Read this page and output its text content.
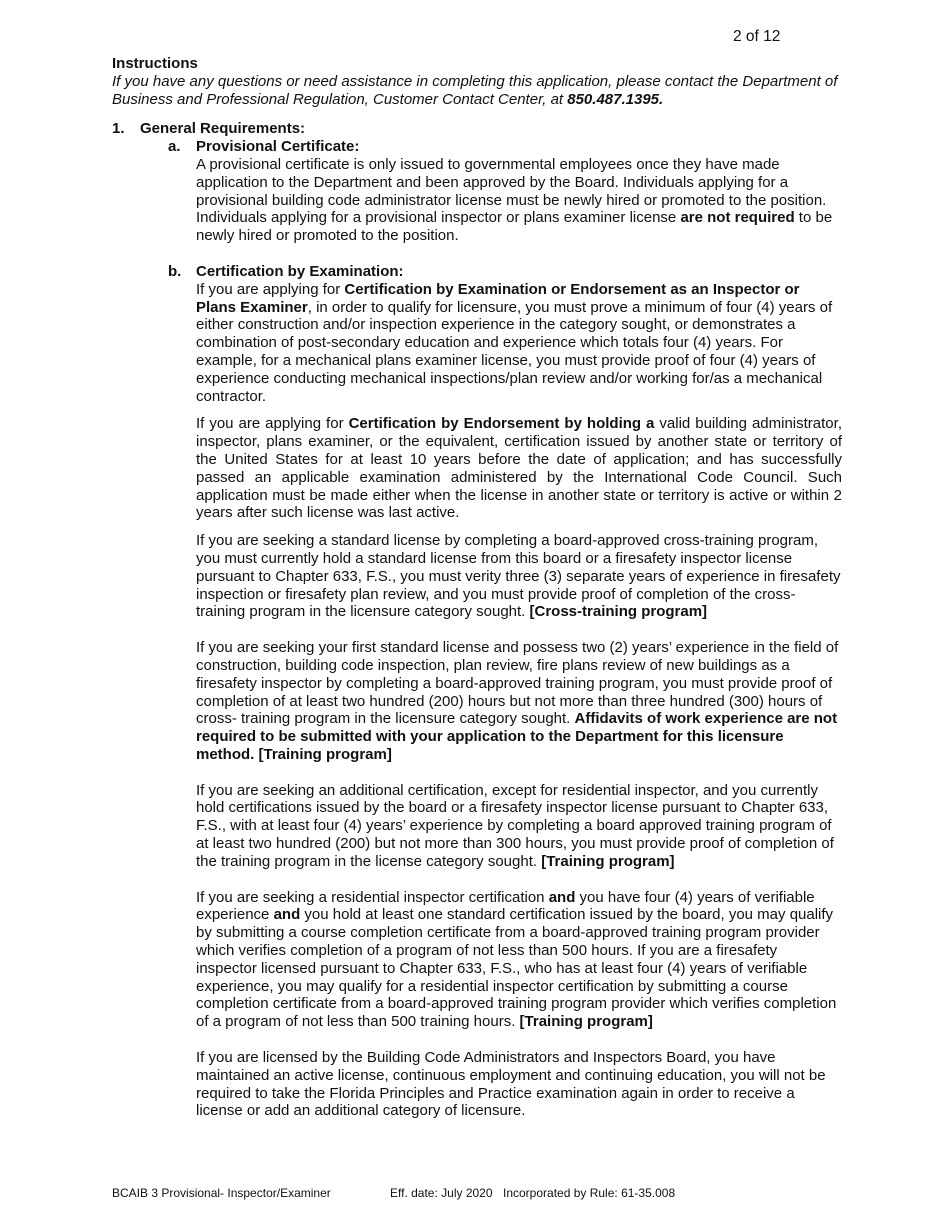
2 of 12
Instructions
If you have any questions or need assistance in completing this application, please contact the Department of Business and Professional Regulation, Customer Contact Center, at 850.487.1395.
1.	General Requirements:
a.	Provisional Certificate:
A provisional certificate is only issued to governmental employees once they have made application to the Department and been approved by the Board. Individuals applying for a provisional building code administrator license must be newly hired or promoted to the position. Individuals applying for a provisional inspector or plans examiner license are not required to be newly hired or promoted to the position.
b. Certification by Examination:
If you are applying for Certification by Examination or Endorsement as an Inspector or Plans Examiner, in order to qualify for licensure, you must prove a minimum of four (4) years of either construction and/or inspection experience in the category sought, or demonstrates a combination of post-secondary education and experience which totals four (4) years. For example, for a mechanical plans examiner license, you must provide proof of four (4) years of experience conducting mechanical inspections/plan review and/or working for/as a mechanical contractor.
If you are applying for Certification by Endorsement by holding a valid building administrator, inspector, plans examiner, or the equivalent, certification issued by another state or territory of the United States for at least 10 years before the date of application; and has successfully passed an applicable examination administered by the International Code Council. Such application must be made either when the license in another state or territory is active or within 2 years after such license was last active.
If you are seeking a standard license by completing a board-approved cross-training program, you must currently hold a standard license from this board or a firesafety inspector license pursuant to Chapter 633, F.S., you must verity three (3) separate years of experience in firesafety inspection or firesafety plan review, and you must provide proof of completion of the cross-training program in the licensure category sought. [Cross-training program]
If you are seeking your first standard license and possess two (2) years’ experience in the field of construction, building code inspection, plan review, fire plans review of new buildings as a firesafety inspector by completing a board-approved training program, you must provide proof of completion of at least two hundred (200) hours but not more than three hundred (300) hours of cross- training program in the licensure category sought. Affidavits of work experience are not required to be submitted with your application to the Department for this licensure method. [Training program]
If you are seeking an additional certification, except for residential inspector, and you currently hold certifications issued by the board or a firesafety inspector license pursuant to Chapter 633, F.S., with at least four (4) years’ experience by completing a board approved training program of at least two hundred (200) but not more than 300 hours, you must provide proof of completion of the training program in the license category sought. [Training program]
If you are seeking a residential inspector certification and you have four (4) years of verifiable experience and you hold at least one standard certification issued by the board, you may qualify by submitting a course completion certificate from a board-approved training program provider which verifies completion of a program of not less than 500 hours. If you are a firesafety inspector licensed pursuant to Chapter 633, F.S., who has at least four (4) years of verifiable experience, you may qualify for a residential inspector certification by submitting a course completion certificate from a board-approved training program provider which verifies completion of a program of not less than 500 training hours. [Training program]
If you are licensed by the Building Code Administrators and Inspectors Board, you have maintained an active license, continuous employment and continuing education, you will not be required to take the Florida Principles and Practice examination again in order to receive a license or add an additional category of licensure.
BCAIB 3 Provisional- Inspector/Examiner	Eff. date: July 2020 Incorporated by Rule: 61-35.008
